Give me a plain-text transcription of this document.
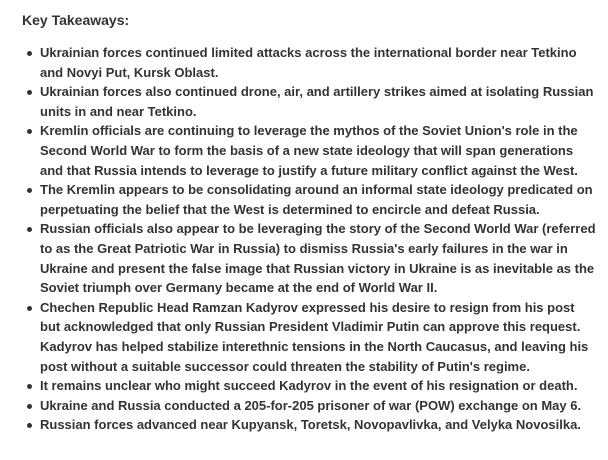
Key Takeaways:
Ukrainian forces continued limited attacks across the international border near Tetkino and Novyi Put, Kursk Oblast.
Ukrainian forces also continued drone, air, and artillery strikes aimed at isolating Russian units in and near Tetkino.
Kremlin officials are continuing to leverage the mythos of the Soviet Union's role in the Second World War to form the basis of a new state ideology that will span generations and that Russia intends to leverage to justify a future military conflict against the West.
The Kremlin appears to be consolidating around an informal state ideology predicated on perpetuating the belief that the West is determined to encircle and defeat Russia.
Russian officials also appear to be leveraging the story of the Second World War (referred to as the Great Patriotic War in Russia) to dismiss Russia's early failures in the war in Ukraine and present the false image that Russian victory in Ukraine is as inevitable as the Soviet triumph over Germany became at the end of World War II.
Chechen Republic Head Ramzan Kadyrov expressed his desire to resign from his post but acknowledged that only Russian President Vladimir Putin can approve this request. Kadyrov has helped stabilize interethnic tensions in the North Caucasus, and leaving his post without a suitable successor could threaten the stability of Putin's regime.
It remains unclear who might succeed Kadyrov in the event of his resignation or death.
Ukraine and Russia conducted a 205-for-205 prisoner of war (POW) exchange on May 6.
Russian forces advanced near Kupyansk, Toretsk, Novopavlivka, and Velyka Novosilka.
